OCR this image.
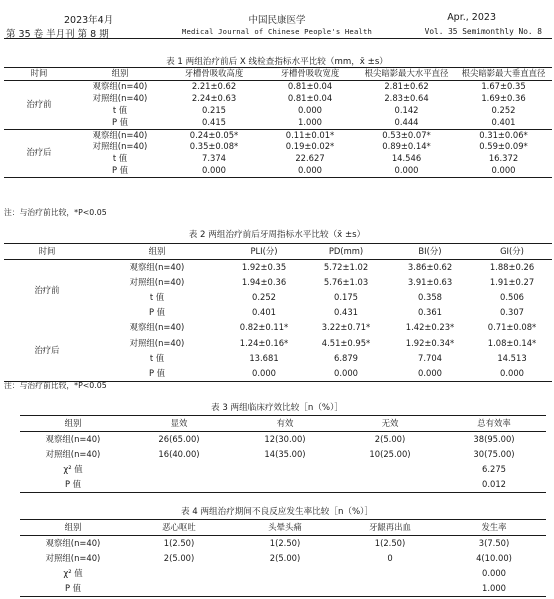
2023年4月
第 35 卷 半月刊 第 8 期
中国民康医学
Medical Journal of Chinese People's Health
Apr., 2023
Vol. 35 Semimonthly No. 8
表 1 两组治疗前后 X 线检查指标水平比较（mm，x̄ ±s）
时间	组别	牙槽骨吸收高度	牙槽骨吸收宽度	根尖暗影最大水平直径	根尖暗影最大垂直直径
治疗前	观察组(n=40)	2.21±0.62	0.81±0.04	2.81±0.62	1.67±0.35
	对照组(n=40)	2.24±0.63	0.81±0.04	2.83±0.64	1.69±0.36
	t 值	0.215	0.000	0.142	0.252
	P 值	0.415	1.000	0.444	0.401
治疗后	观察组(n=40)	0.24±0.05*	0.11±0.01*	0.53±0.07*	0.31±0.06*
	对照组(n=40)	0.35±0.08*	0.19±0.02*	0.89±0.14*	0.59±0.09*
	t 值	7.374	22.627	14.546	16.372
	P 值	0.000	0.000	0.000	0.000
注：与治疗前比较，*P<0.05
表 2 两组治疗前后牙周指标水平比较（x̄ ±s）
时间	组别	PLI(分)	PD(mm)	BI(分)	GI(分)
治疗前	观察组(n=40)	1.92±0.35	5.72±1.02	3.86±0.62	1.88±0.26
	对照组(n=40)	1.94±0.36	5.76±1.03	3.91±0.63	1.91±0.27
	t 值	0.252	0.175	0.358	0.506
	P 值	0.401	0.431	0.361	0.307
治疗后	观察组(n=40)	0.82±0.11*	3.22±0.71*	1.42±0.23*	0.71±0.08*
	对照组(n=40)	1.24±0.16*	4.51±0.95*	1.92±0.34*	1.08±0.14*
	t 值	13.681	6.879	7.704	14.513
	P 值	0.000	0.000	0.000	0.000
注：与治疗前比较，*P<0.05
表 3 两组临床疗效比较［n（%）］
组别	显效	有效	无效	总有效率
观察组(n=40)	26(65.00)	12(30.00)	2(5.00)	38(95.00)
对照组(n=40)	16(40.00)	14(35.00)	10(25.00)	30(75.00)
χ² 值				6.275
P 值				0.012
表 4 两组治疗期间不良反应发生率比较［n（%）］
组别	恶心呕吐	头晕头痛	牙龈再出血	发生率
观察组(n=40)	1(2.50)	1(2.50)	1(2.50)	3(7.50)
对照组(n=40)	2(5.00)	2(5.00)	0	4(10.00)
χ² 值				0.000
P 值				1.000
